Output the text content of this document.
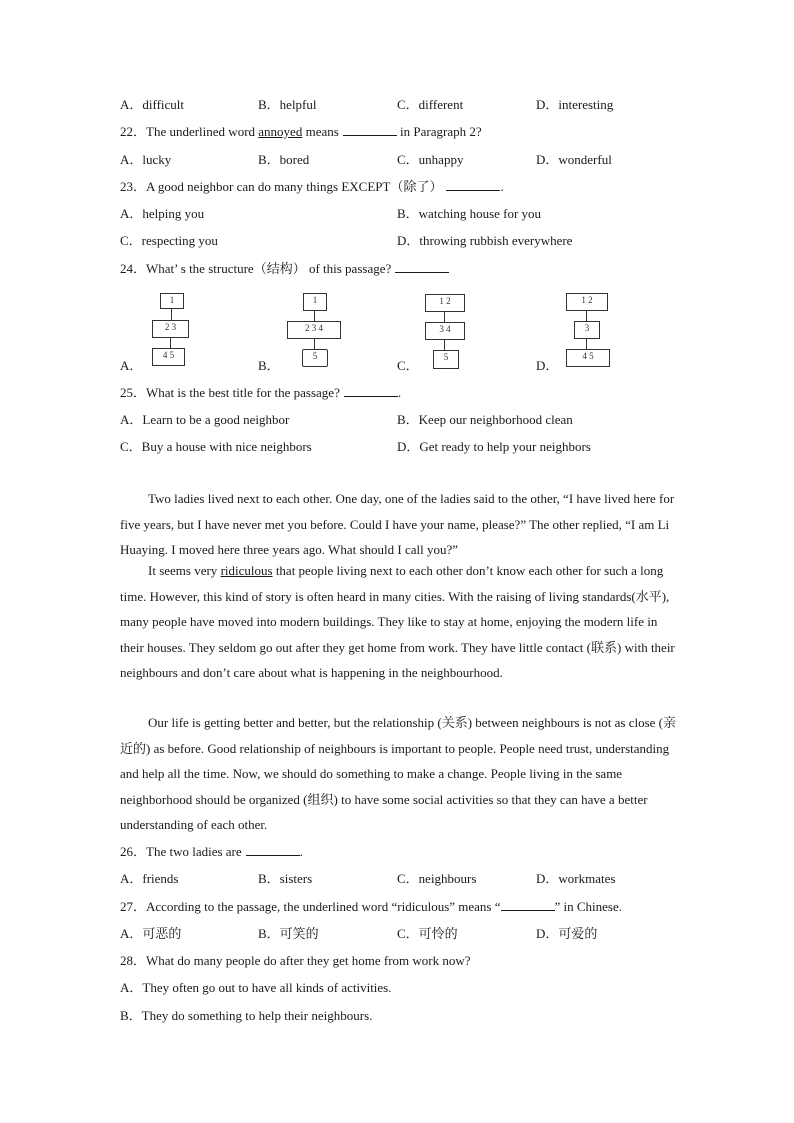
A．difficult	B．helpful	C．different	D．interesting
22．The underlined word annoyed means	in Paragraph 2?
A．lucky	B．bored	C．unhappy	D．wonderful
23．A good neighbor can do many things EXCEPT（除了）	.
A．helping you	B．watching house for you
C．respecting you	D．throwing rubbish everywhere
24．What’ s the structure（结构） of this passage?
1
2 3
4 5
A．
1
2 3 4
5
B．
1 2
3 4
5
C．
1 2
3
4 5
D．
25．What is the best title for the passage?	.
A．Learn to be a good neighbor	B．Keep our neighborhood clean
C．Buy a house with nice neighbors	D．Get ready to help your neighbors
Two ladies lived next to each other. One day, one of the ladies said to the other, “I have lived here for five years, but I have never met you before. Could I have your name, please?” The other replied, “I am Li Huaying. I moved here three years ago. What should I call you?”
It seems very ridiculous that people living next to each other don’t know each other for such a long time. However, this kind of story is often heard in many cities. With the raising of living standards(水平), many people have moved into modern buildings. They like to stay at home, enjoying the modern life in their houses. They seldom go out after they get home from work. They have little contact (联系) with their neighbours and don’t care about what is happening in the neighbourhood.
Our life is getting better and better, but the relationship (关系) between neighbours is not as close (亲近的) as before. Good relationship of neighbours is important to people. People need trust, understanding and help all the time. Now, we should do something to make a change. People living in the same neighborhood should be organized (组织) to have some social activities so that they can have a better understanding of each other.
26．The two ladies are	.
A．friends	B．sisters	C．neighbours	D．workmates
27．According to the passage, the underlined word “ridiculous” means “	” in Chinese.
A．可恶的	B．可笑的	C．可怜的	D．可爱的
28．What do many people do after they get home from work now?
A．They often go out to have all kinds of activities.
B．They do something to help their neighbours.
